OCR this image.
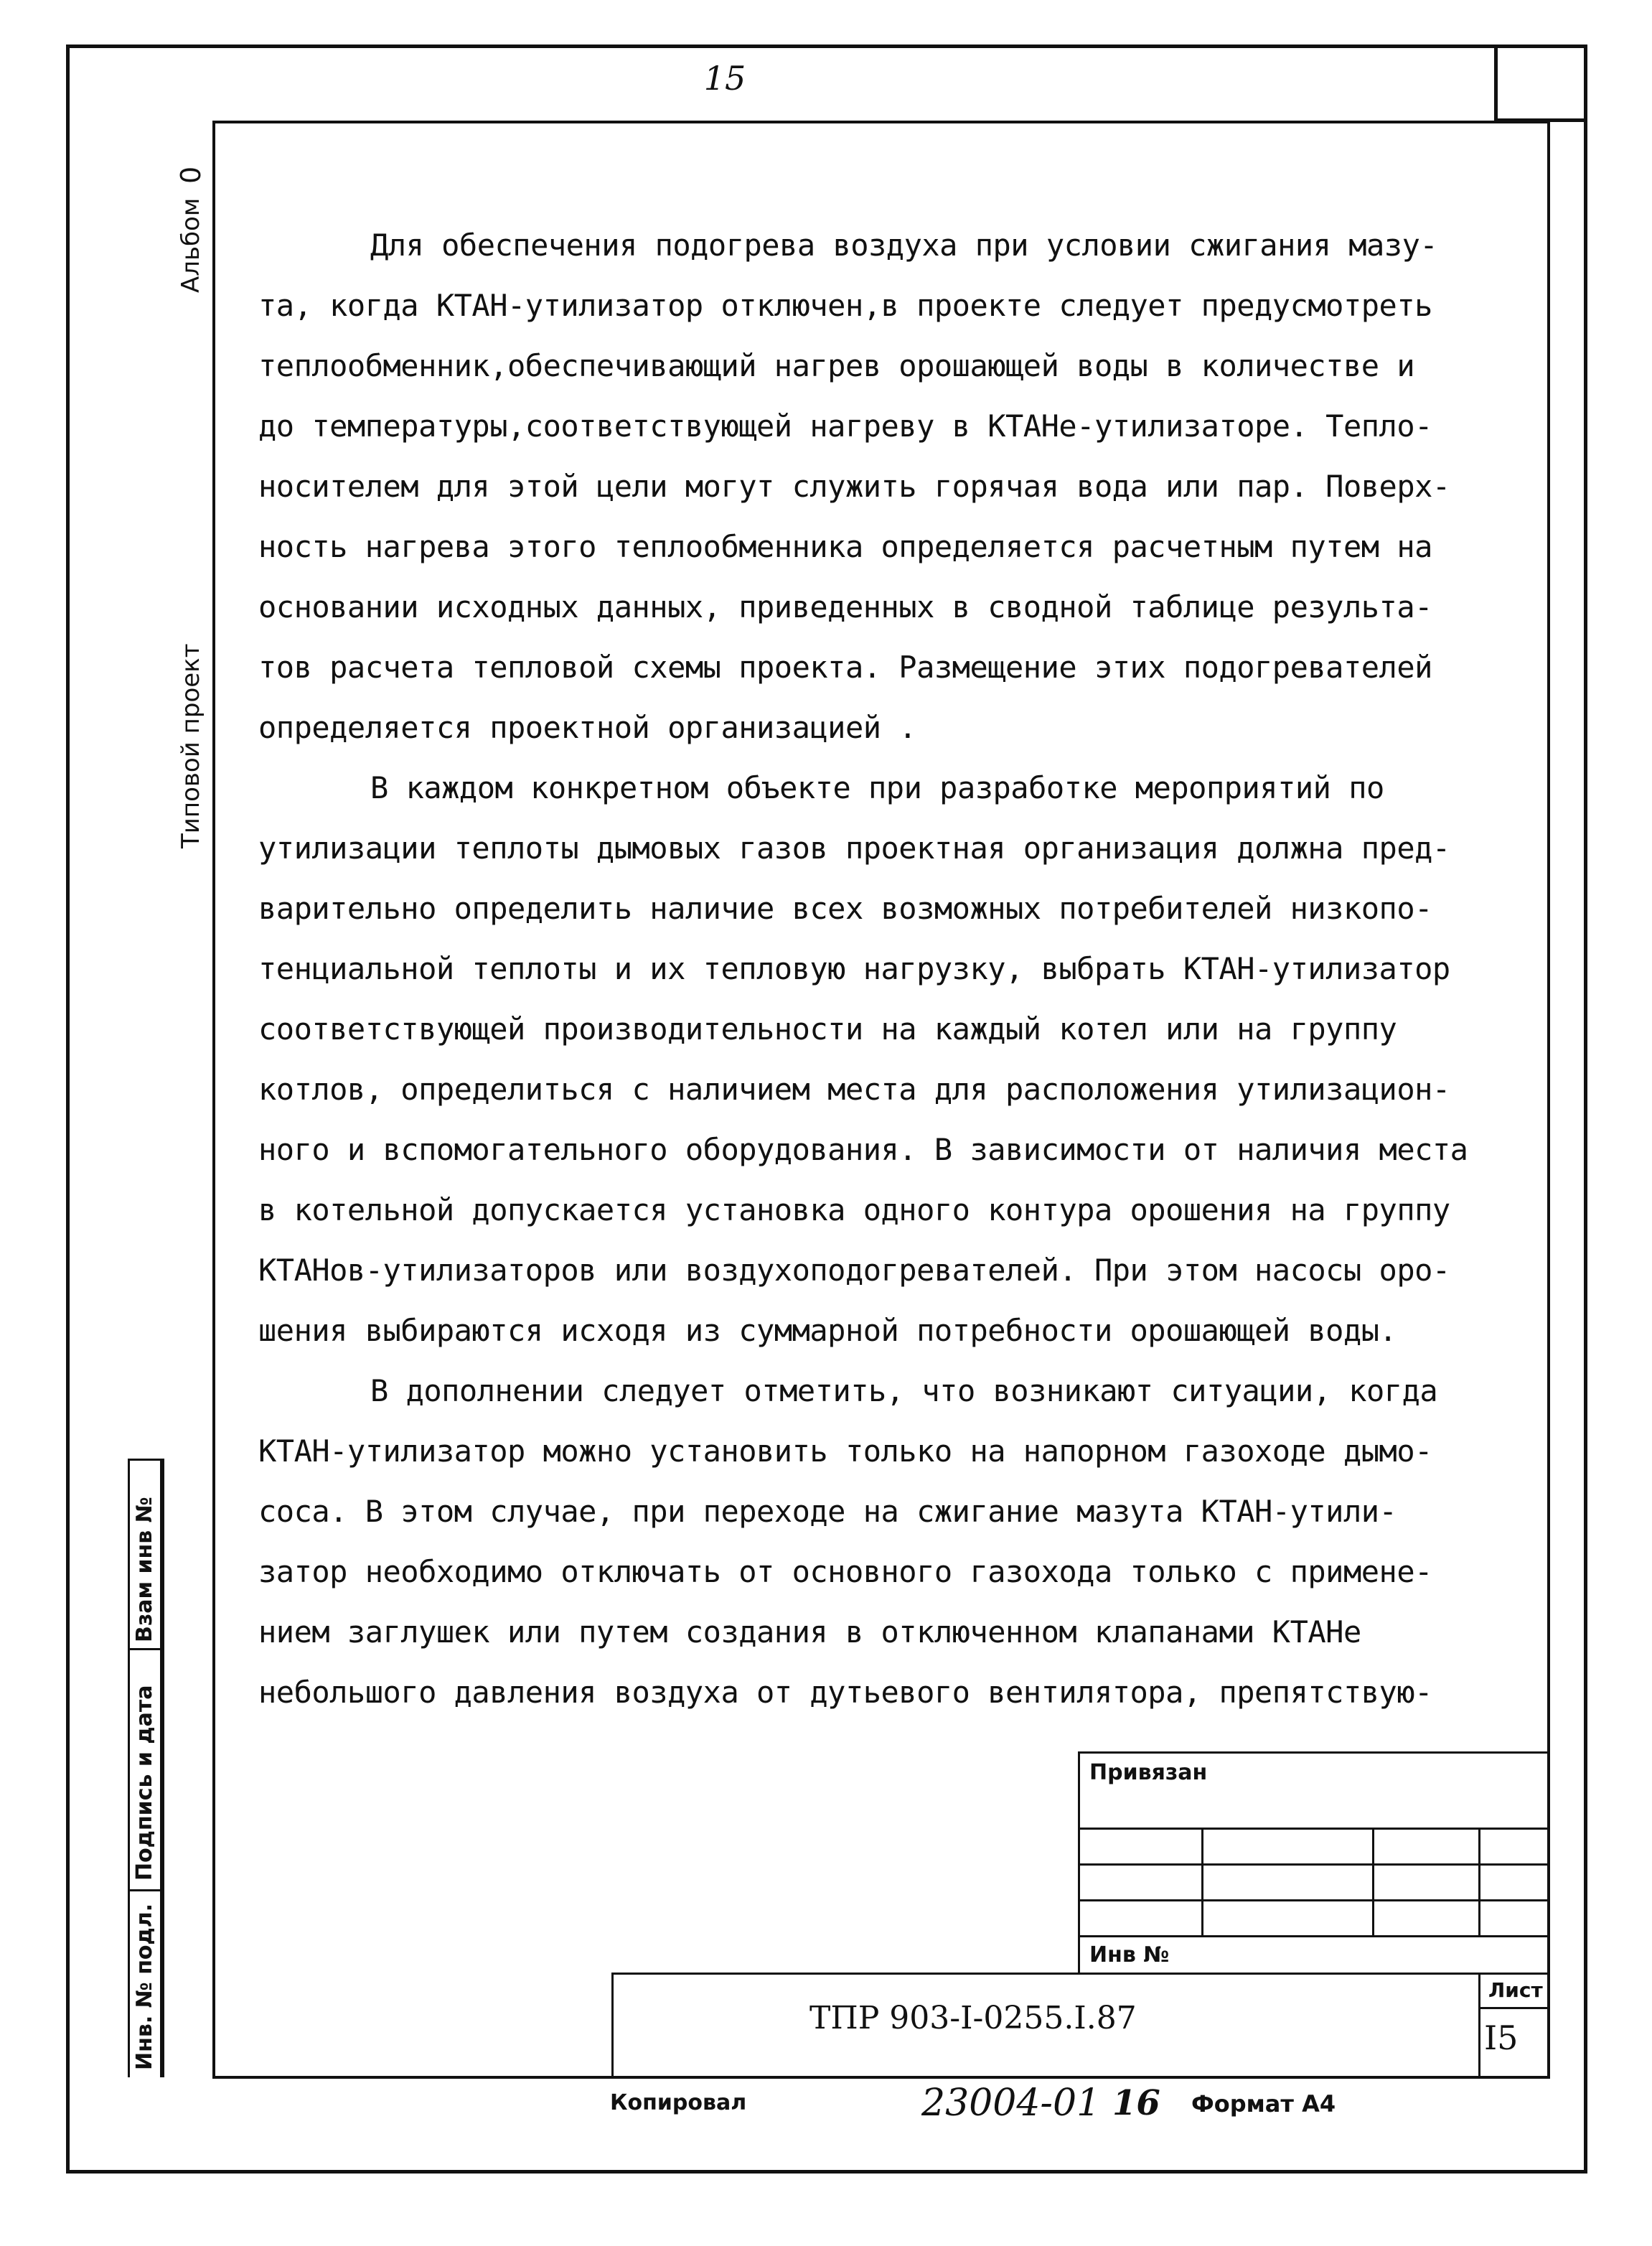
15
Альбом
0
Типовой проект
Взам инв №
Подпись и дата
Инв. № подл.

Для обеспечения подогрева воздуха при условии сжигания мазу-
та, когда КТАН-утилизатор отключен,в проекте следует предусмотреть
теплообменник,обеспечивающий нагрев орошающей воды в количестве и
до температуры,соответствующей нагреву в КТАНе-утилизаторе. Тепло-
носителем для этой цели могут служить горячая вода или пар. Поверх-
ность нагрева этого теплообменника определяется расчетным путем на
основании исходных данных, приведенных в сводной таблице результа-
тов расчета тепловой схемы проекта. Размещение этих подогревателей
определяется проектной организацией .

В каждом конкретном объекте при разработке мероприятий по
утилизации теплоты дымовых газов проектная организация должна пред-
варительно определить наличие всех возможных потребителей низкопо-
тенциальной теплоты и их тепловую нагрузку, выбрать КТАН-утилизатор
соответствующей производительности на каждый котел или на группу
котлов, определиться с наличием места для расположения утилизацион-
ного и вспомогательного оборудования. В зависимости от наличия места
в котельной допускается установка одного контура орошения на группу
КТАНов-утилизаторов или воздухоподогревателей. При этом насосы оро-
шения выбираются исходя из суммарной потребности орошающей воды.

В дополнении следует отметить, что возникают ситуации, когда
КТАН-утилизатор можно установить только на напорном газоходе дымо-
соса. В этом случае, при переходе на сжигание мазута КТАН-утили-
затор необходимо отключать от основного газохода только с примене-
нием заглушек или путем создания в отключенном клапанами КТАНе
небольшого давления воздуха от дутьевого вентилятора, препятствую-

Привязан
Инв №
ТПР 903-I-0255.I.87
Лист
I5
Копировал	23004-01 16 Формат А4
